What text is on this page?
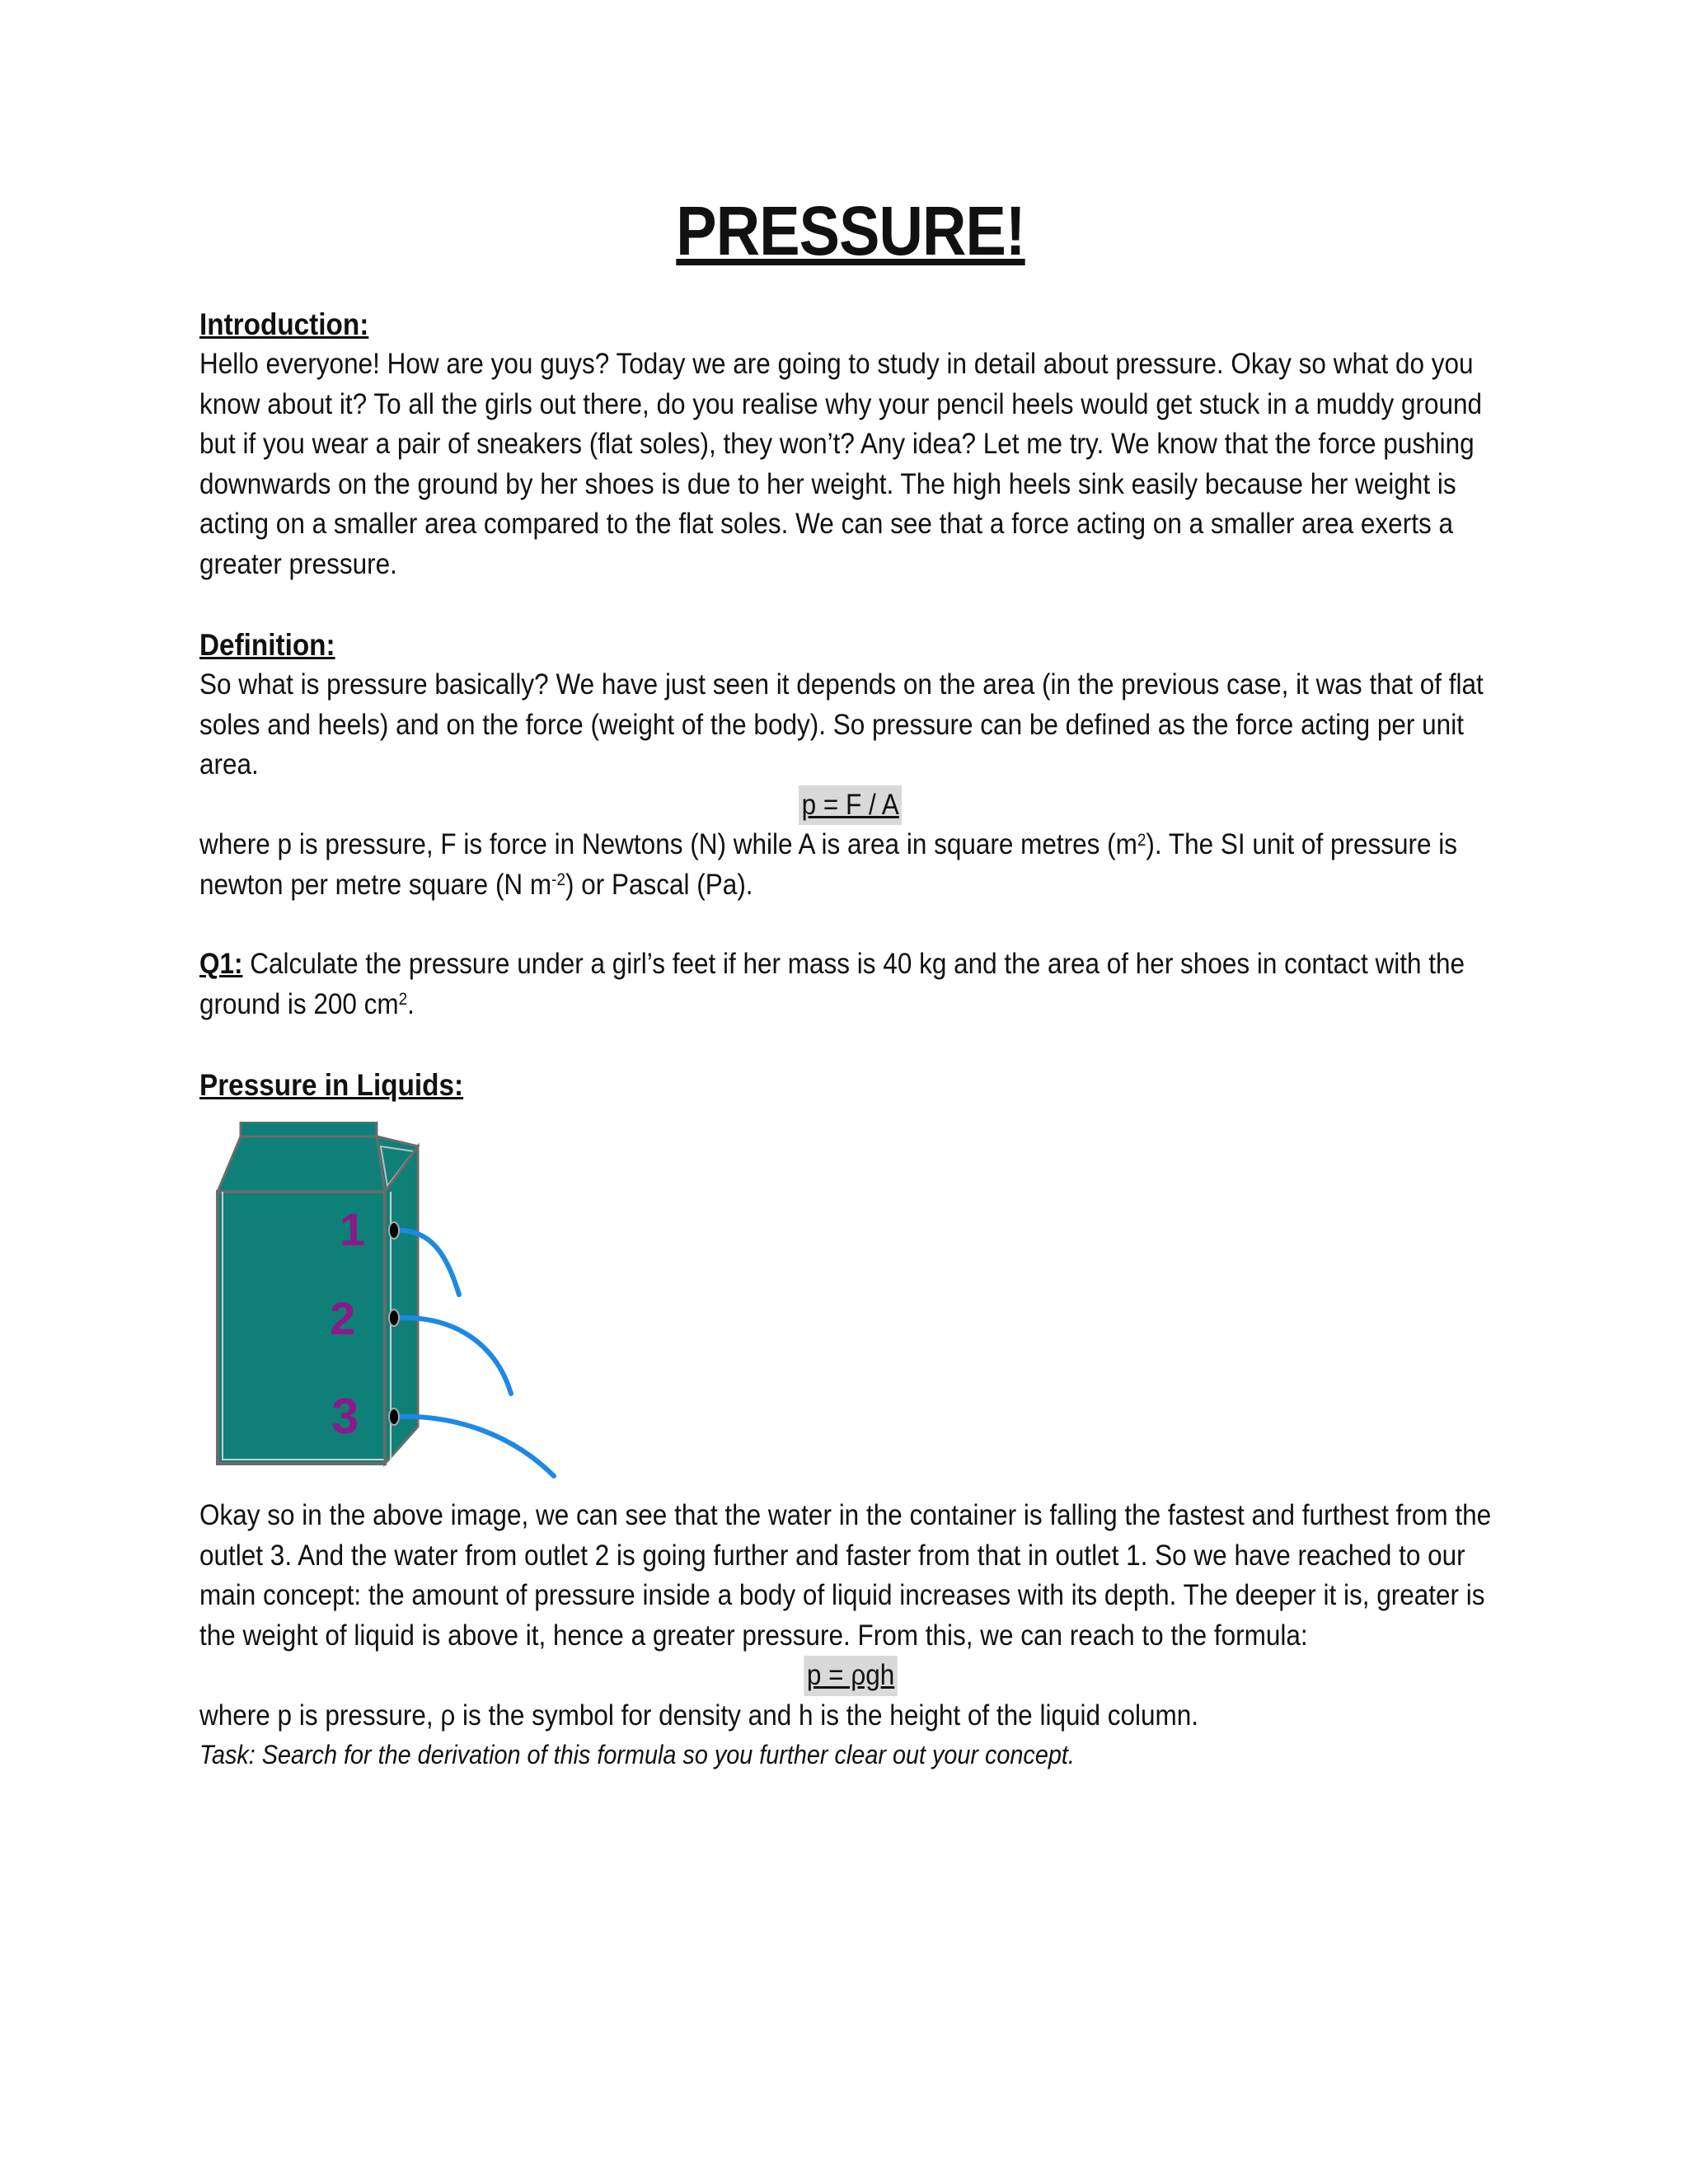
PRESSURE!
Introduction:

Hello everyone! How are you guys? Today we are going to study in detail about pressure. Okay so what do you know about it? To all the girls out there, do you realise why your pencil heels would get stuck in a muddy ground but if you wear a pair of sneakers (flat soles), they won’t? Any idea? Let me try. We know that the force pushing downwards on the ground by her shoes is due to her weight. The high heels sink easily because her weight is acting on a smaller area compared to the flat soles. We can see that a force acting on a smaller area exerts a greater pressure.

Definition:

So what is pressure basically? We have just seen it depends on the area (in the previous case, it was that of flat soles and heels) and on the force (weight of the body). So pressure can be defined as the force acting per unit area.

p = F / A

where p is pressure, F is force in Newtons (N) while A is area in square metres $(m^2)$. The SI unit of pressure is newton per metre square (N $m^{-2}$) or Pascal (Pa).

Q1: Calculate the pressure under a girl’s feet if her mass is 40 kg and the area of her shoes in contact with the ground is 200 $cm^2$.

Pressure in Liquids:
1
2
3

Okay so in the above image, we can see that the water in the container is falling the fastest and furthest from the outlet 3. And the water from outlet 2 is going further and faster from that in outlet 1. So we have reached to our main concept: the amount of pressure inside a body of liquid increases with its depth. The deeper it is, greater is the weight of liquid is above it, hence a greater pressure. From this, we can reach to the formula:

p = ρgh

where p is pressure, ρ is the symbol for density and h is the height of the liquid column.

Task: Search for the derivation of this formula so you further clear out your concept.
